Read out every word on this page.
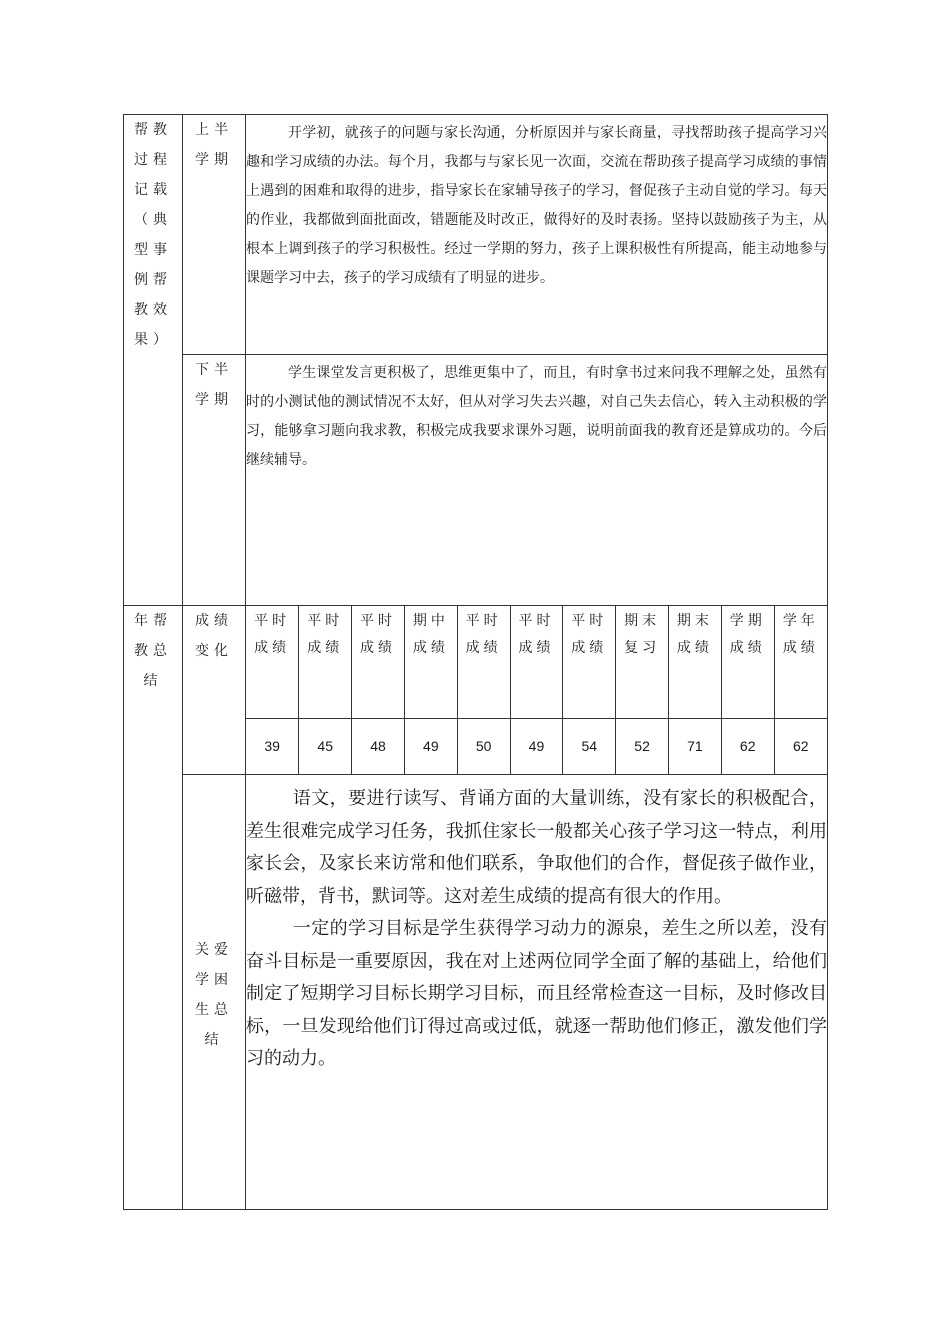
帮教过程记载（典型事例帮教效果）

上半学期

开学初，就孩子的问题与家长沟通，分析原因并与家长商量，寻找帮助孩子提高学习兴趣和学习成绩的办法。每个月，我都与与家长见一次面，交流在帮助孩子提高学习成绩的事情上遇到的困难和取得的进步，指导家长在家辅导孩子的学习，督促孩子主动自觉的学习。每天的作业，我都做到面批面改，错题能及时改正，做得好的及时表扬。坚持以鼓励孩子为主，从根本上调到孩子的学习积极性。经过一学期的努力，孩子上课积极性有所提高，能主动地参与课题学习中去，孩子的学习成绩有了明显的进步。

下半学期

学生课堂发言更积极了，思维更集中了，而且，有时拿书过来问我不理解之处，虽然有时的小测试他的测试情况不太好，但从对学习失去兴趣，对自己失去信心，转入主动积极的学习，能够拿习题向我求教，积极完成我要求课外习题，说明前面我的教育还是算成功的。今后继续辅导。

年帮教总结

成绩变化

平时成绩	平时成绩	平时成绩	期中成绩	平时成绩	平时成绩	平时成绩	期末复习	期末成绩	学期成绩	学年成绩
39	45	48	49	50	49	54	52	71	62	62

关爱学困生总结

语文，要进行读写、背诵方面的大量训练，没有家长的积极配合，差生很难完成学习任务，我抓住家长一般都关心孩子学习这一特点，利用家长会，及家长来访常和他们联系，争取他们的合作，督促孩子做作业，听磁带，背书，默词等。这对差生成绩的提高有很大的作用。

一定的学习目标是学生获得学习动力的源泉，差生之所以差，没有奋斗目标是一重要原因，我在对上述两位同学全面了解的基础上，给他们制定了短期学习目标长期学习目标，而且经常检查这一目标，及时修改目标，一旦发现给他们订得过高或过低，就逐一帮助他们修正，激发他们学习的动力。
